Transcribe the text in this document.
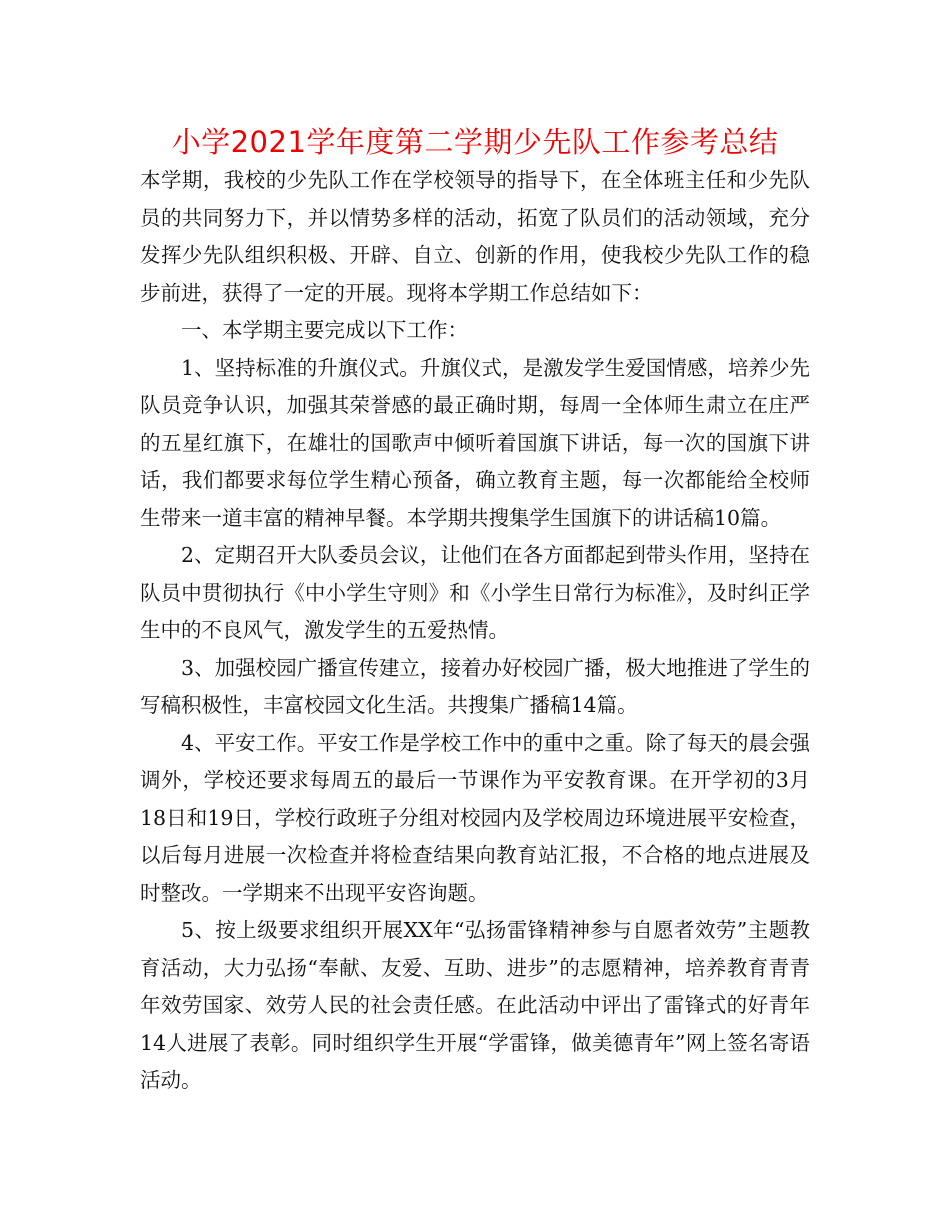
小学2021学年度第二学期少先队工作参考总结

本学期，我校的少先队工作在学校领导的指导下，在全体班主任和少先队员的共同努力下，并以情势多样的活动，拓宽了队员们的活动领域，充分发挥少先队组织积极、开辟、自立、创新的作用，使我校少先队工作的稳步前进，获得了一定的开展。现将本学期工作总结如下：

一、本学期主要完成以下工作：

1、坚持标准的升旗仪式。升旗仪式，是激发学生爱国情感，培养少先队员竞争认识，加强其荣誉感的最正确时期，每周一全体师生肃立在庄严的五星红旗下，在雄壮的国歌声中倾听着国旗下讲话，每一次的国旗下讲话，我们都要求每位学生精心预备，确立教育主题，每一次都能给全校师生带来一道丰富的精神早餐。本学期共搜集学生国旗下的讲话稿10篇。

2、定期召开大队委员会议，让他们在各方面都起到带头作用，坚持在队员中贯彻执行《中小学生守则》和《小学生日常行为标准》，及时纠正学生中的不良风气，激发学生的五爱热情。

3、加强校园广播宣传建立，接着办好校园广播，极大地推进了学生的写稿积极性，丰富校园文化生活。共搜集广播稿14篇。

4、平安工作。平安工作是学校工作中的重中之重。除了每天的晨会强调外，学校还要求每周五的最后一节课作为平安教育课。在开学初的3月18日和19日，学校行政班子分组对校园内及学校周边环境进展平安检查，以后每月进展一次检查并将检查结果向教育站汇报，不合格的地点进展及时整改。一学期来不出现平安咨询题。

5、按上级要求组织开展XX年“弘扬雷锋精神参与自愿者效劳”主题教育活动，大力弘扬“奉献、友爱、互助、进步”的志愿精神，培养教育青青年效劳国家、效劳人民的社会责任感。在此活动中评出了雷锋式的好青年14人进展了表彰。同时组织学生开展“学雷锋，做美德青年”网上签名寄语活动。
